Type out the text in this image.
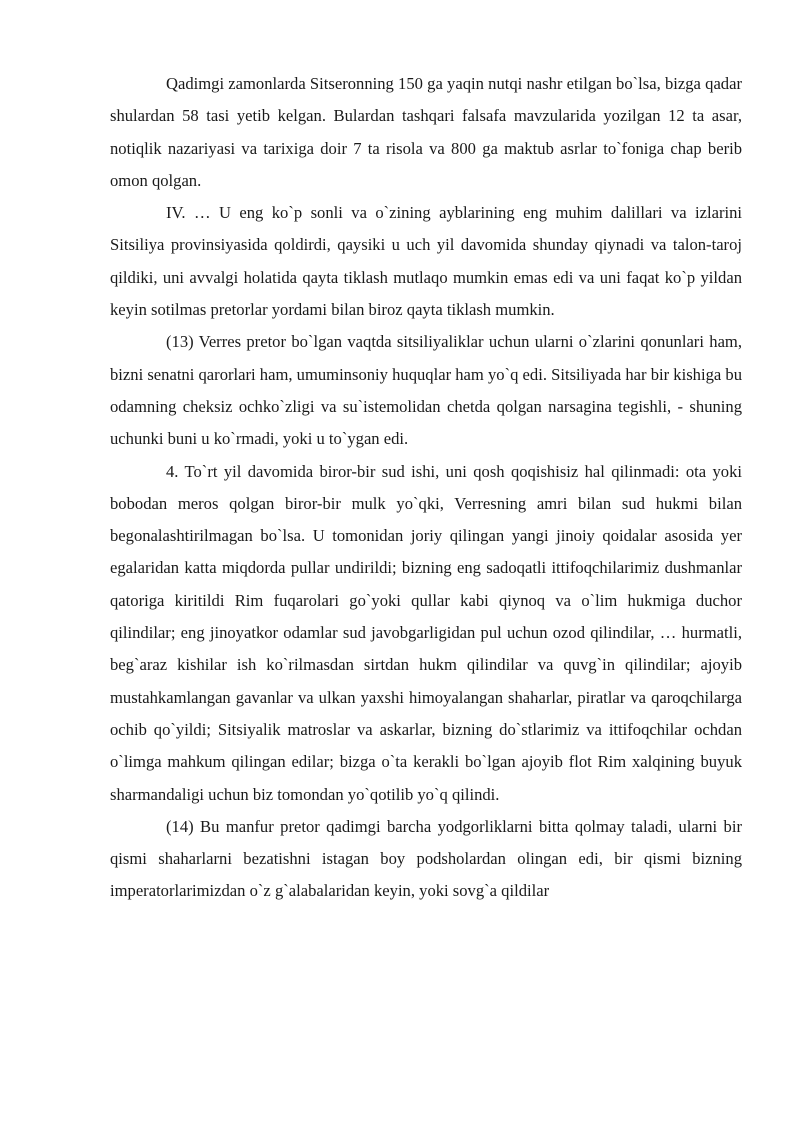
Qadimgi zamonlarda Sitseronning 150 ga yaqin nutqi nashr etilgan bo`lsa, bizga qadar shulardan 58 tasi yetib kelgan. Bulardan tashqari falsafa mavzularida yozilgan 12 ta asar, notiqlik nazariyasi va tarixiga doir 7 ta risola va 800 ga maktub asrlar to`foniga chap berib omon qolgan.

IV. … U eng ko`p sonli va o`zining ayblarining eng muhim dalillari va izlarini Sitsiliya provinsiyasida qoldirdi, qaysiki u uch yil davomida shunday qiynadi va talon-taroj qildiki, uni avvalgi holatida qayta tiklash mutlaqo mumkin emas edi va uni faqat ko`p yildan keyin sotilmas pretorlar yordami bilan biroz qayta tiklash mumkin.

(13) Verres pretor bo`lgan vaqtda sitsiliyaliklar uchun ularni o`zlarini qonunlari ham, bizni senatni qarorlari ham, umuminsoniy huquqlar ham yo`q edi. Sitsiliyada har bir kishiga bu odamning cheksiz ochko`zligi va su`istemolidan chetda qolgan narsagina tegishli, - shuning uchunki buni u ko`rmadi, yoki u to`ygan edi.

4. To`rt yil davomida biror-bir sud ishi, uni qosh qoqishisiz hal qilinmadi: ota yoki bobodan meros qolgan biror-bir mulk yo`qki, Verresning amri bilan sud hukmi bilan begonalashtirilmagan bo`lsa. U tomonidan joriy qilingan yangi jinoiy qoidalar asosida yer egalaridan katta miqdorda pullar undirildi; bizning eng sadoqatli ittifoqchilarimiz dushmanlar qatoriga kiritildi Rim fuqarolari go`yoki qullar kabi qiynoq va o`lim hukmiga duchor qilindilar; eng jinoyatkor odamlar sud javobgarligidan pul uchun ozod qilindilar, … hurmatli, beg`araz kishilar ish ko`rilmasdan sirtdan hukm qilindilar va quvg`in qilindilar; ajoyib mustahkamlangan gavanlar va ulkan yaxshi himoyalangan shaharlar, piratlar va qaroqchilarga ochib qo`yildi; Sitsiyalik matroslar va askarlar, bizning do`stlarimiz va ittifoqchilar ochdan o`limga mahkum qilingan edilar; bizga o`ta kerakli bo`lgan ajoyib flot Rim xalqining buyuk sharmandaligi uchun biz tomondan yo`qotilib yo`q qilindi.

(14) Bu manfur pretor qadimgi barcha yodgorliklarni bitta qolmay taladi, ularni bir qismi shaharlarni bezatishni istagan boy podsholardan olingan edi, bir qismi bizning imperatorlarimizdan o`z g`alabalaridan keyin, yoki sovg`a qildilar
